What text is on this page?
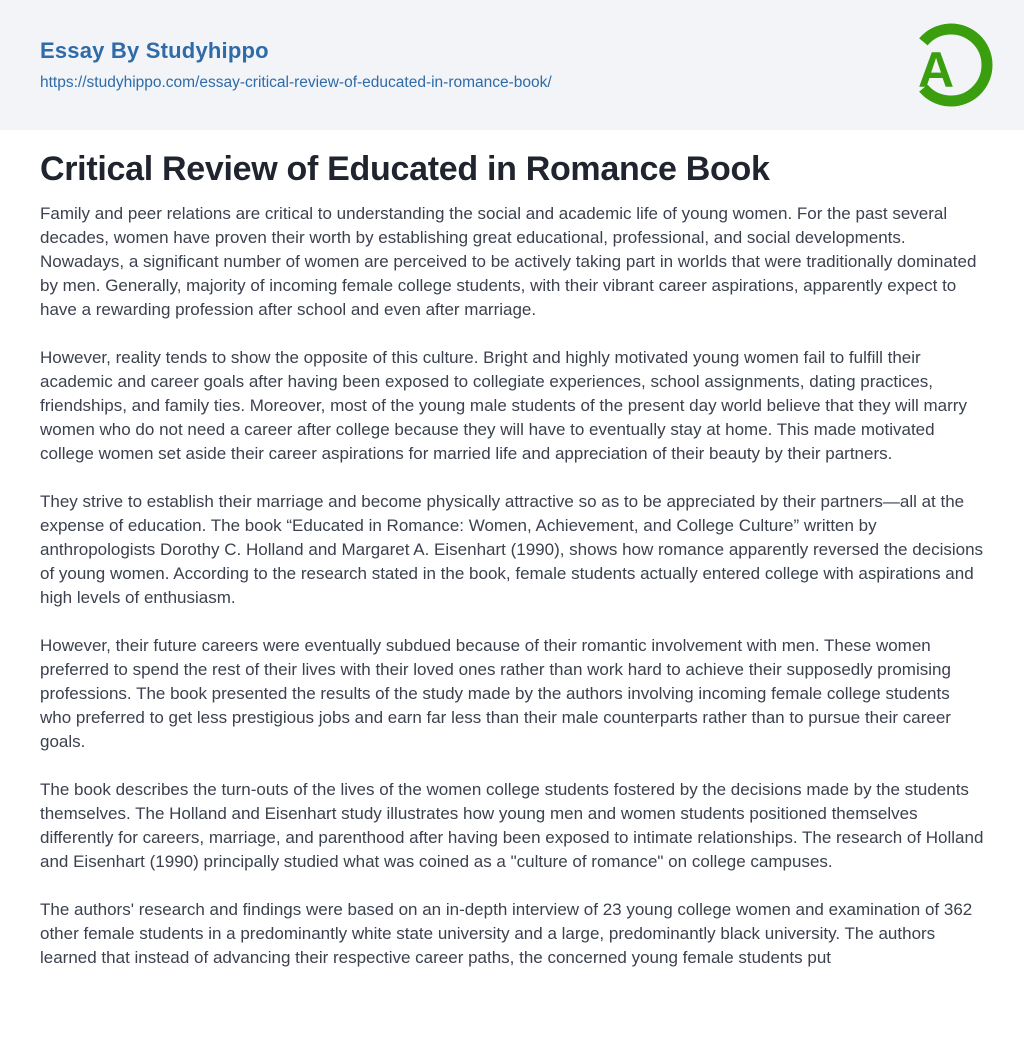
Essay By Studyhippo
https://studyhippo.com/essay-critical-review-of-educated-in-romance-book/	A
Critical Review of Educated in Romance Book

Family and peer relations are critical to understanding the social and academic life of young women. For the past several decades, women have proven their worth by establishing great educational, professional, and social developments. Nowadays, a significant number of women are perceived to be actively taking part in worlds that were traditionally dominated by men. Generally, majority of incoming female college students, with their vibrant career aspirations, apparently expect to have a rewarding profession after school and even after marriage.

However, reality tends to show the opposite of this culture. Bright and highly motivated young women fail to fulfill their academic and career goals after having been exposed to collegiate experiences, school assignments, dating practices, friendships, and family ties. Moreover, most of the young male students of the present day world believe that they will marry women who do not need a career after college because they will have to eventually stay at home. This made motivated college women set aside their career aspirations for married life and appreciation of their beauty by their partners.

They strive to establish their marriage and become physically attractive so as to be appreciated by their partners—all at the expense of education. The book “Educated in Romance: Women, Achievement, and College Culture” written by anthropologists Dorothy C. Holland and Margaret A. Eisenhart (1990), shows how romance apparently reversed the decisions of young women. According to the research stated in the book, female students actually entered college with aspirations and high levels of enthusiasm.

However, their future careers were eventually subdued because of their romantic involvement with men. These women preferred to spend the rest of their lives with their loved ones rather than work hard to achieve their supposedly promising professions. The book presented the results of the study made by the authors involving incoming female college students who preferred to get less prestigious jobs and earn far less than their male counterparts rather than to pursue their career goals.

The book describes the turn-outs of the lives of the women college students fostered by the decisions made by the students themselves. The Holland and Eisenhart study illustrates how young men and women students positioned themselves differently for careers, marriage, and parenthood after having been exposed to intimate relationships. The research of Holland and Eisenhart (1990) principally studied what was coined as a "culture of romance" on college campuses.

The authors' research and findings were based on an in-depth interview of 23 young college women and examination of 362 other female students in a predominantly white state university and a large, predominantly black university. The authors learned that instead of advancing their respective career paths, the concerned young female students put
